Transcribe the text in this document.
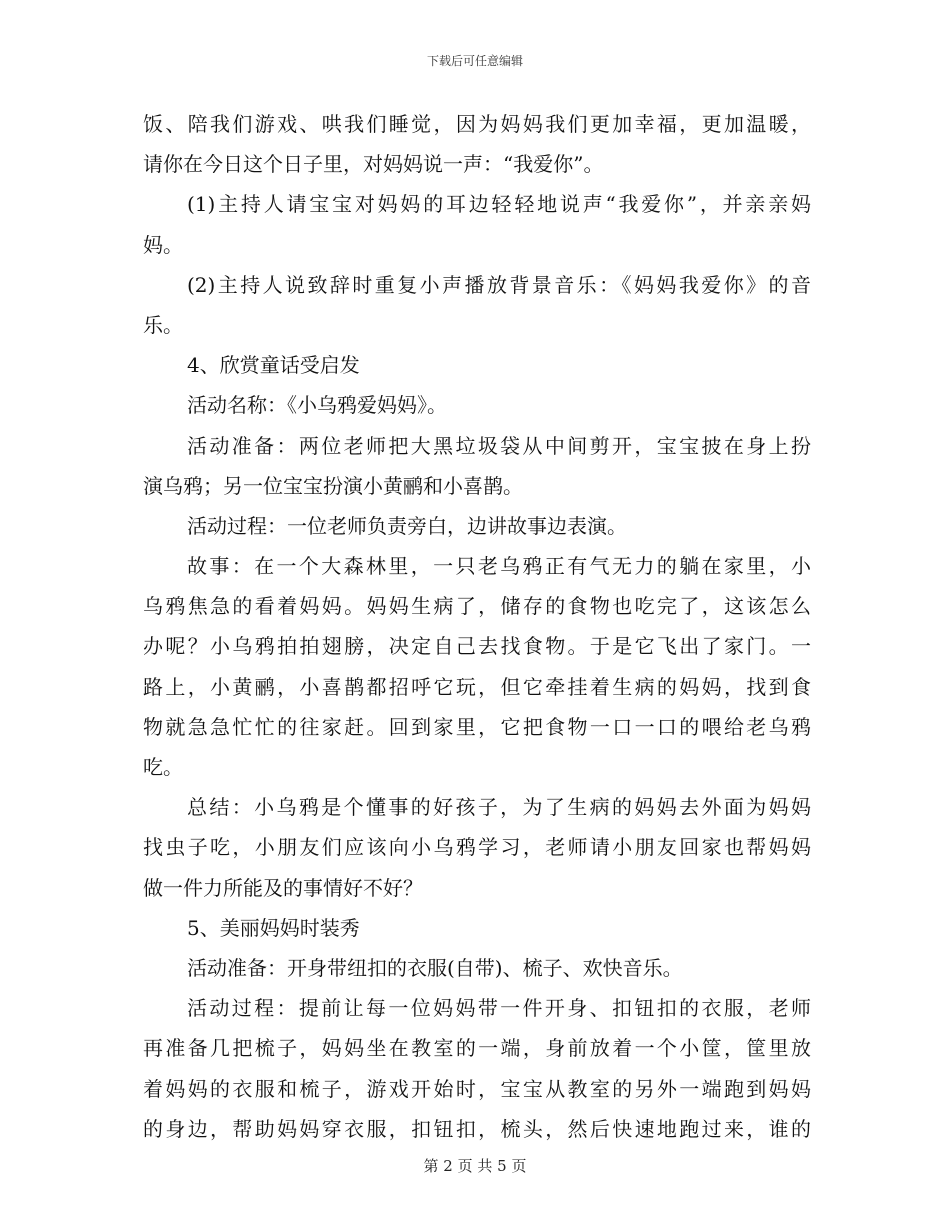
下载后可任意编辑
饭、陪我们游戏、哄我们睡觉，因为妈妈我们更加幸福，更加温暖，
请你在今日这个日子里，对妈妈说一声：“我爱你”。
(1)主持人请宝宝对妈妈的耳边轻轻地说声“我爱你”，并亲亲妈
妈。
(2)主持人说致辞时重复小声播放背景音乐：《妈妈我爱你》的音
乐。
4、欣赏童话受启发
活动名称：《小乌鸦爱妈妈》。
活动准备：两位老师把大黑垃圾袋从中间剪开，宝宝披在身上扮
演乌鸦；另一位宝宝扮演小黄鹂和小喜鹊。
活动过程：一位老师负责旁白，边讲故事边表演。
故事：在一个大森林里，一只老乌鸦正有气无力的躺在家里，小
乌鸦焦急的看着妈妈。妈妈生病了，储存的食物也吃完了，这该怎么
办呢？小乌鸦拍拍翅膀，决定自己去找食物。于是它飞出了家门。一
路上，小黄鹂，小喜鹊都招呼它玩，但它牵挂着生病的妈妈，找到食
物就急急忙忙的往家赶。回到家里，它把食物一口一口的喂给老乌鸦
吃。
总结：小乌鸦是个懂事的好孩子，为了生病的妈妈去外面为妈妈
找虫子吃，小朋友们应该向小乌鸦学习，老师请小朋友回家也帮妈妈
做一件力所能及的事情好不好？
5、美丽妈妈时装秀
活动准备：开身带纽扣的衣服(自带)、梳子、欢快音乐。
活动过程：提前让每一位妈妈带一件开身、扣钮扣的衣服，老师
再准备几把梳子，妈妈坐在教室的一端，身前放着一个小筐，筐里放
着妈妈的衣服和梳子，游戏开始时，宝宝从教室的另外一端跑到妈妈
的身边，帮助妈妈穿衣服，扣钮扣，梳头，然后快速地跑过来，谁的
第 2 页 共 5 页
